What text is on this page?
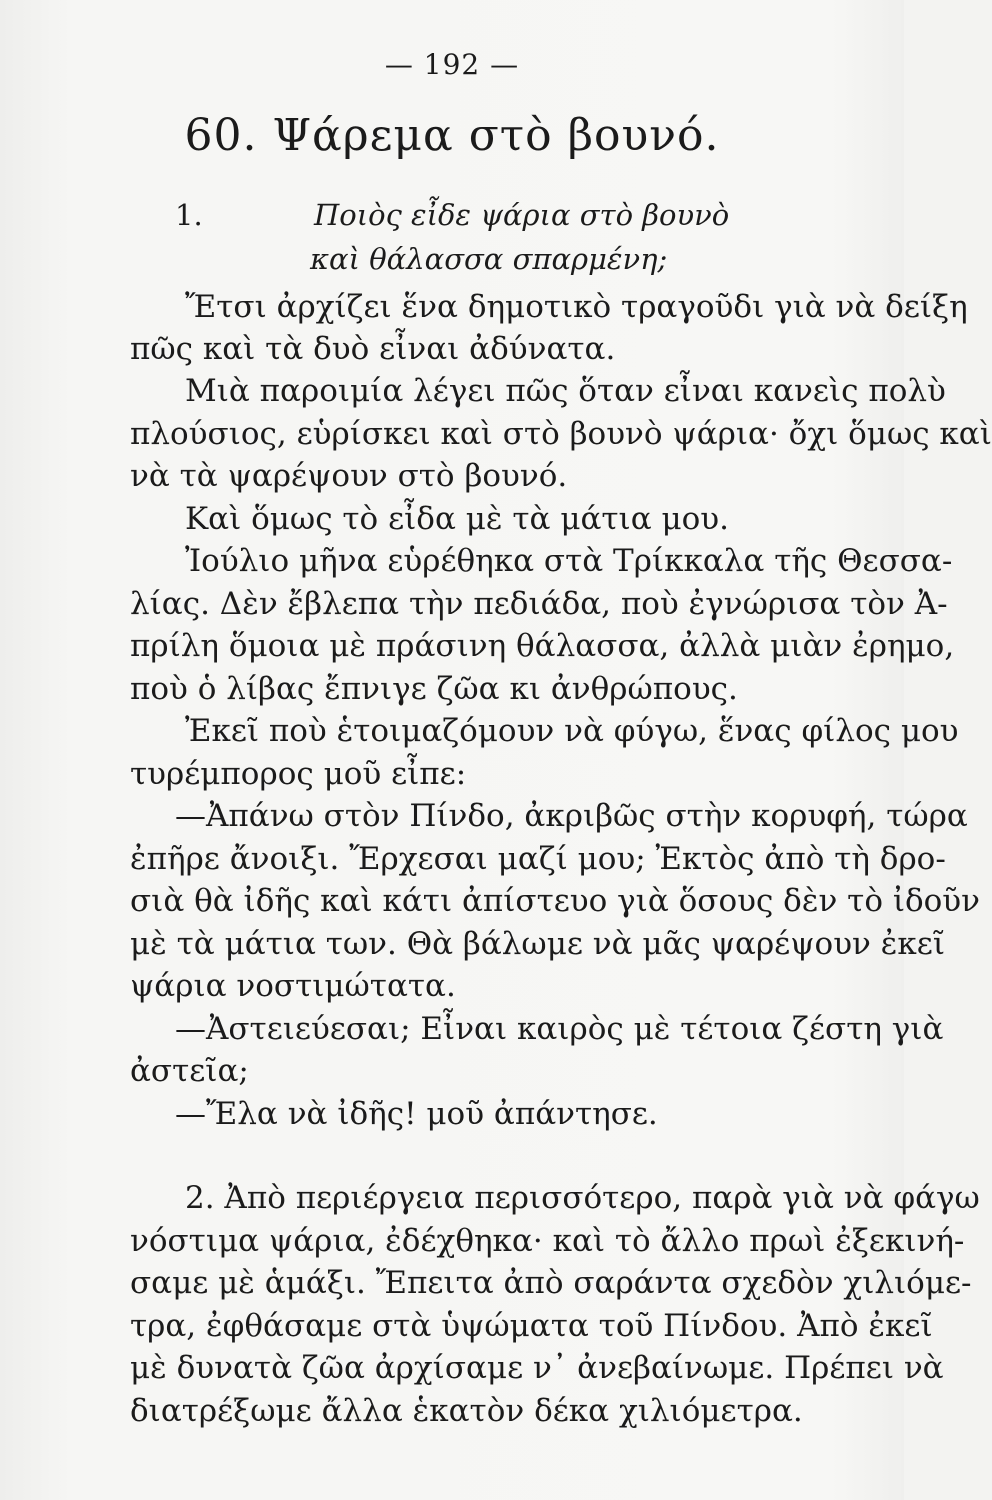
— 192 —
60. Ψάρεμα στὸ βουνό.
1.	Ποιὸς εἶδε ψάρια στὸ βουνὸ
καὶ θάλασσα σπαρμένη;
Ἔτσι ἀρχίζει ἕνα δημοτικὸ τραγοῦδι γιὰ νὰ δείξη
πῶς καὶ τὰ δυὸ εἶναι ἀδύνατα.
Μιὰ παροιμία λέγει πῶς ὅταν εἶναι κανεὶς πολὺ
πλούσιος, εὑρίσκει καὶ στὸ βουνὸ ψάρια· ὄχι ὅμως καὶ
νὰ τὰ ψαρέψουν στὸ βουνό.
Καὶ ὅμως τὸ εἶδα μὲ τὰ μάτια μου.
Ἰούλιο μῆνα εὑρέθηκα στὰ Τρίκκαλα τῆς Θεσσα-
λίας. Δὲν ἔβλεπα τὴν πεδιάδα, ποὺ ἐγνώρισα τὸν Ἀ-
πρίλη ὅμοια μὲ πράσινη θάλασσα, ἀλλὰ μιὰν ἐρημο,
ποὺ ὁ λίβας ἔπνιγε ζῶα κι ἀνθρώπους.
Ἐκεῖ ποὺ ἑτοιμαζόμουν νὰ φύγω, ἕνας φίλος μου
τυρέμπορος μοῦ εἶπε:
—Ἀπάνω στὸν Πίνδο, ἀκριβῶς στὴν κορυφή, τώρα
ἐπῆρε ἄνοιξι. Ἔρχεσαι μαζί μου; Ἐκτὸς ἀπὸ τὴ δρο-
σιὰ θὰ ἰδῆς καὶ κάτι ἀπίστευο γιὰ ὅσους δὲν τὸ ἰδοῦν
μὲ τὰ μάτια των. Θὰ βάλωμε νὰ μᾶς ψαρέψουν ἐκεῖ
ψάρια νοστιμώτατα.
—Ἀστειεύεσαι; Εἶναι καιρὸς μὲ τέτοια ζέστη γιὰ
ἀστεῖα;
—Ἔλα νὰ ἰδῆς! μοῦ ἀπάντησε.
2. Ἀπὸ περιέργεια περισσότερο, παρὰ γιὰ νὰ φάγω
νόστιμα ψάρια, ἐδέχθηκα· καὶ τὸ ἄλλο πρωὶ ἐξεκινή-
σαμε μὲ ἁμάξι. Ἔπειτα ἀπὸ σαράντα σχεδὸν χιλιόμε-
τρα, ἐφθάσαμε στὰ ὑψώματα τοῦ Πίνδου. Ἀπὸ ἐκεῖ
μὲ δυνατὰ ζῶα ἀρχίσαμε ν᾽ ἀνεβαίνωμε. Πρέπει νὰ
διατρέξωμε ἄλλα ἑκατὸν δέκα χιλιόμετρα.
